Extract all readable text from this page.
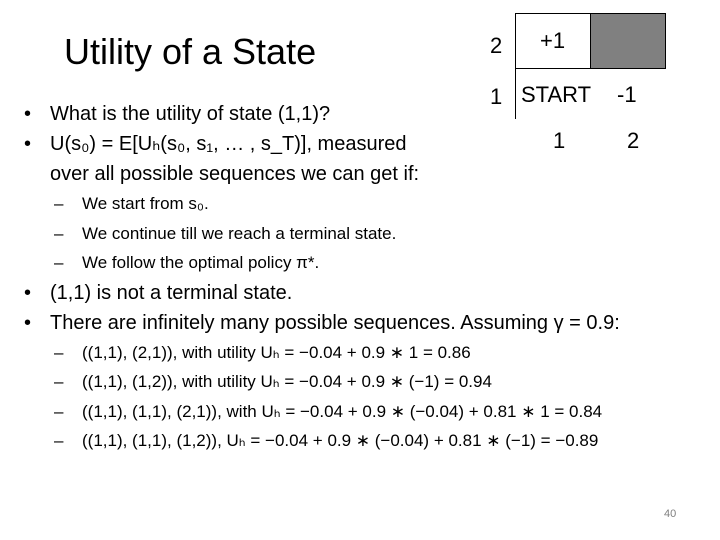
Utility of a State	2
1
+1
START -1
1	2
• What is the utility of state (1,1)?
• U(s₀) = E[Uₕ(s₀, s₁, … , s_T)], measured
over all possible sequences we can get if:
– We start from s₀.
– We continue till we reach a terminal state.
– We follow the optimal policy π*.
• (1,1) is not a terminal state.
• There are infinitely many possible sequences. Assuming γ = 0.9:
– ((1,1), (2,1)), with utility Uₕ = −0.04 + 0.9 ∗ 1 = 0.86
– ((1,1), (1,2)), with utility Uₕ = −0.04 + 0.9 ∗ (−1) = 0.94
– ((1,1), (1,1), (2,1)), with Uₕ = −0.04 + 0.9 ∗ (−0.04) + 0.81 ∗ 1 = 0.84
– ((1,1), (1,1), (1,2)), Uₕ = −0.04 + 0.9 ∗ (−0.04) + 0.81 ∗ (−1) = −0.89
40
